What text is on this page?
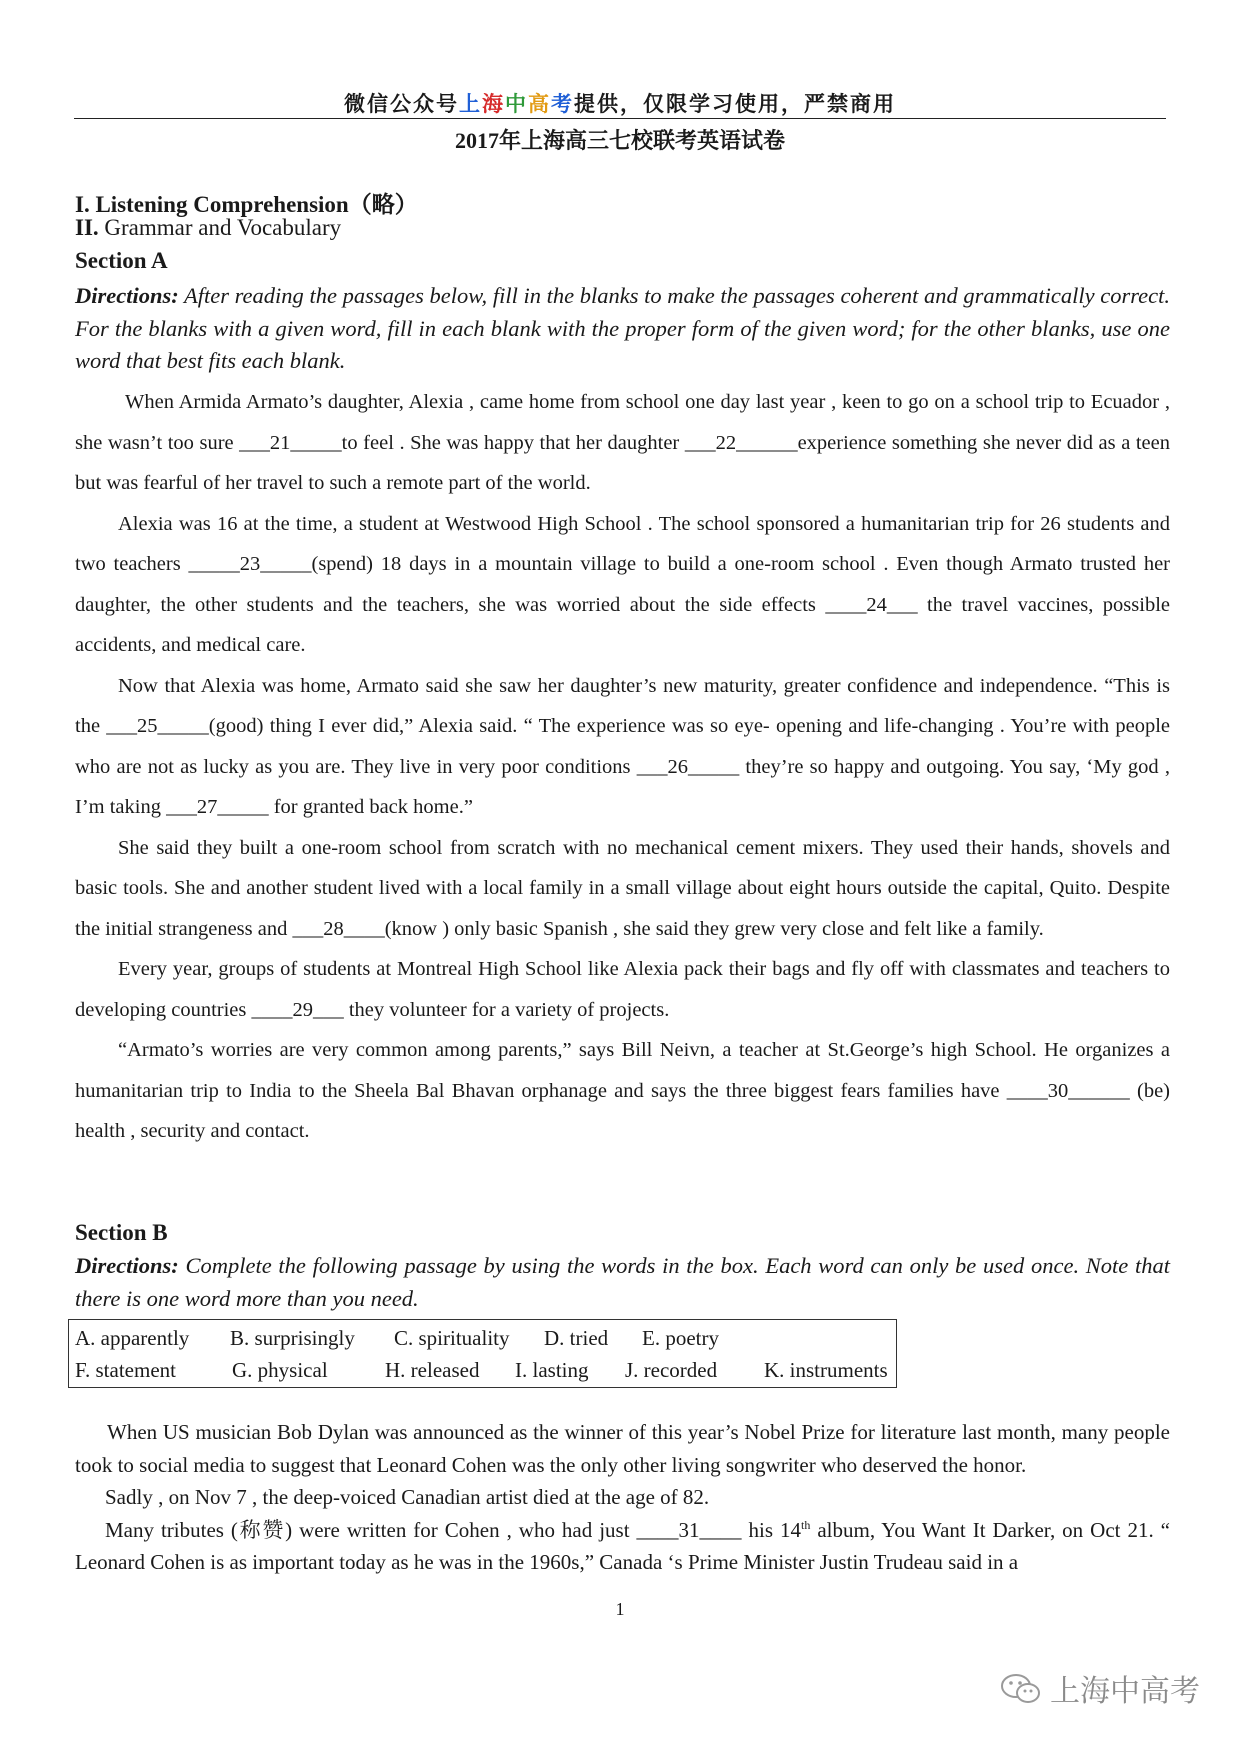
微信公众号上海中高考提供，仅限学习使用，严禁商用
2017年上海高三七校联考英语试卷
I. Listening Comprehension（略）
II. Grammar and Vocabulary
Section A
Directions: After reading the passages below, fill in the blanks to make the passages coherent and grammatically correct. For the blanks with a given word, fill in each blank with the proper form of the given word; for the other blanks, use one word that best fits each blank.

When Armida Armato’s daughter, Alexia , came home from school one day last year , keen to go on a school trip to Ecuador , she wasn’t too sure ___21_____to feel . She was happy that her daughter ___22______experience something she never did as a teen but was fearful of her travel to such a remote part of the world.

Alexia was 16 at the time, a student at Westwood High School . The school sponsored a humanitarian trip for 26 students and two teachers _____23_____(spend) 18 days in a mountain village to build a one-room school . Even though Armato trusted her daughter, the other students and the teachers, she was worried about the side effects ____24___ the travel vaccines, possible accidents, and medical care.

Now that Alexia was home, Armato said she saw her daughter’s new maturity, greater confidence and independence. “This is the ___25_____(good) thing I ever did,” Alexia said. “ The experience was so eye- opening and life-changing . You’re with people who are not as lucky as you are. They live in very poor conditions ___26_____ they’re so happy and outgoing. You say, ‘My god , I’m taking ___27_____ for granted back home.”

She said they built a one-room school from scratch with no mechanical cement mixers. They used their hands, shovels and basic tools. She and another student lived with a local family in a small village about eight hours outside the capital, Quito. Despite the initial strangeness and ___28____(know ) only basic Spanish , she said they grew very close and felt like a family.

Every year, groups of students at Montreal High School like Alexia pack their bags and fly off with classmates and teachers to developing countries ____29___ they volunteer for a variety of projects.

“Armato’s worries are very common among parents,” says Bill Neivn, a teacher at St.George’s high School. He organizes a humanitarian trip to India to the Sheela Bal Bhavan orphanage and says the three biggest fears families have ____30______ (be) health , security and contact.

Section B
Directions: Complete the following passage by using the words in the box. Each word can only be used once. Note that there is one word more than you need.
A. apparently B. surprisingly C. spirituality D. tried E. poetry
F. statement	G. physical	H. released I. lasting J. recorded K. instruments

When US musician Bob Dylan was announced as the winner of this year’s Nobel Prize for literature last month, many people took to social media to suggest that Leonard Cohen was the only other living songwriter who deserved the honor.

Sadly , on Nov 7 , the deep-voiced Canadian artist died at the age of 82.

Many tributes (称赞) were written for Cohen , who had just ____31____ his 14th album, You Want It Darker, on Oct 21. “ Leonard Cohen is as important today as he was in the 1960s,” Canada ‘s Prime Minister Justin Trudeau said in a

1
上海中高考
